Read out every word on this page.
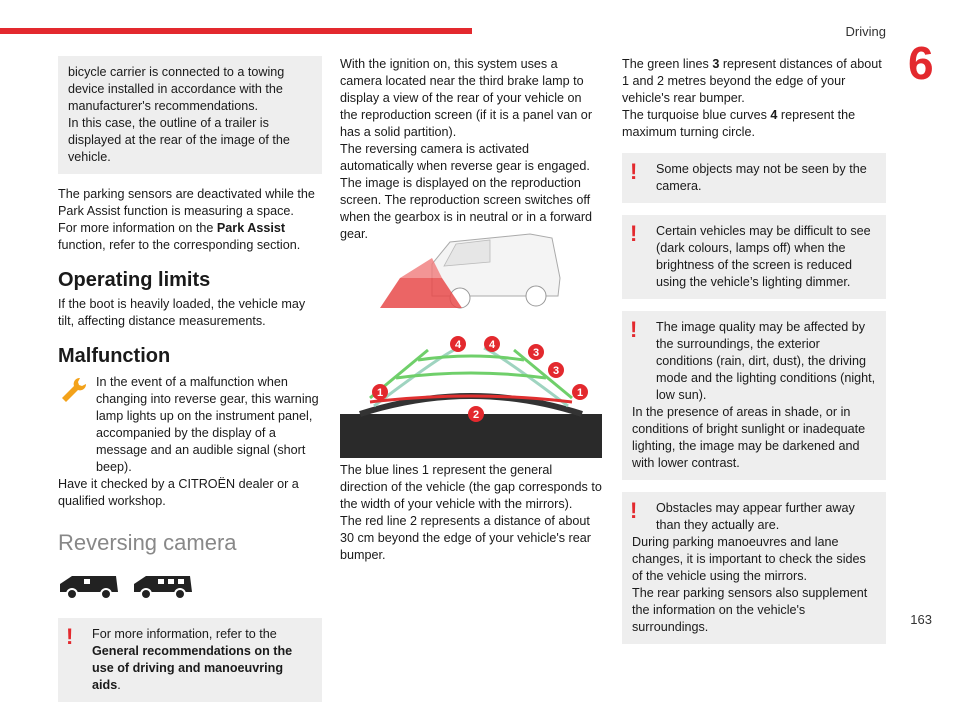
Driving
6
163

bicycle carrier is connected to a towing device installed in accordance with the manufacturer's recommendations.

In this case, the outline of a trailer is displayed at the rear of the image of the vehicle.

The parking sensors are deactivated while the Park Assist function is measuring a space.

For more information on the Park Assist function, refer to the corresponding section.

Operating limits

If the boot is heavily loaded, the vehicle may tilt, affecting distance measurements.

Malfunction

In the event of a malfunction when changing into reverse gear, this warning lamp lights up on the instrument panel, accompanied by the display of a message and an audible signal (short beep).

Have it checked by a CITROËN dealer or a qualified workshop.

Reversing camera
!	For more information, refer to the General recommendations on the use of driving and manoeuvring aids.

With the ignition on, this system uses a camera located near the third brake lamp to display a view of the rear of your vehicle on the reproduction screen (if it is a panel van or has a solid partition).

The reversing camera is activated automatically when reverse gear is engaged. The image is displayed on the reproduction screen. The reproduction screen switches off when the gearbox is in neutral or in a forward gear.

4	4
3
3
1	1
2

The blue lines 1 represent the general direction of the vehicle (the gap corresponds to the width of your vehicle with the mirrors).

The red line 2 represents a distance of about 30 cm beyond the edge of your vehicle's rear bumper.

The green lines 3 represent distances of about 1 and 2 metres beyond the edge of your vehicle's rear bumper.

The turquoise blue curves 4 represent the maximum turning circle.

!	Some objects may not be seen by the camera.

!	Certain vehicles may be difficult to see (dark colours, lamps off) when the brightness of the screen is reduced using the vehicle’s lighting dimmer.

!	The image quality may be affected by the surroundings, the exterior conditions (rain, dirt, dust), the driving mode and the lighting conditions (night, low sun).

In the presence of areas in shade, or in conditions of bright sunlight or inadequate lighting, the image may be darkened and with lower contrast.

!	Obstacles may appear further away than they actually are.

During parking manoeuvres and lane changes, it is important to check the sides of the vehicle using the mirrors.

The rear parking sensors also supplement the information on the vehicle's surroundings.
